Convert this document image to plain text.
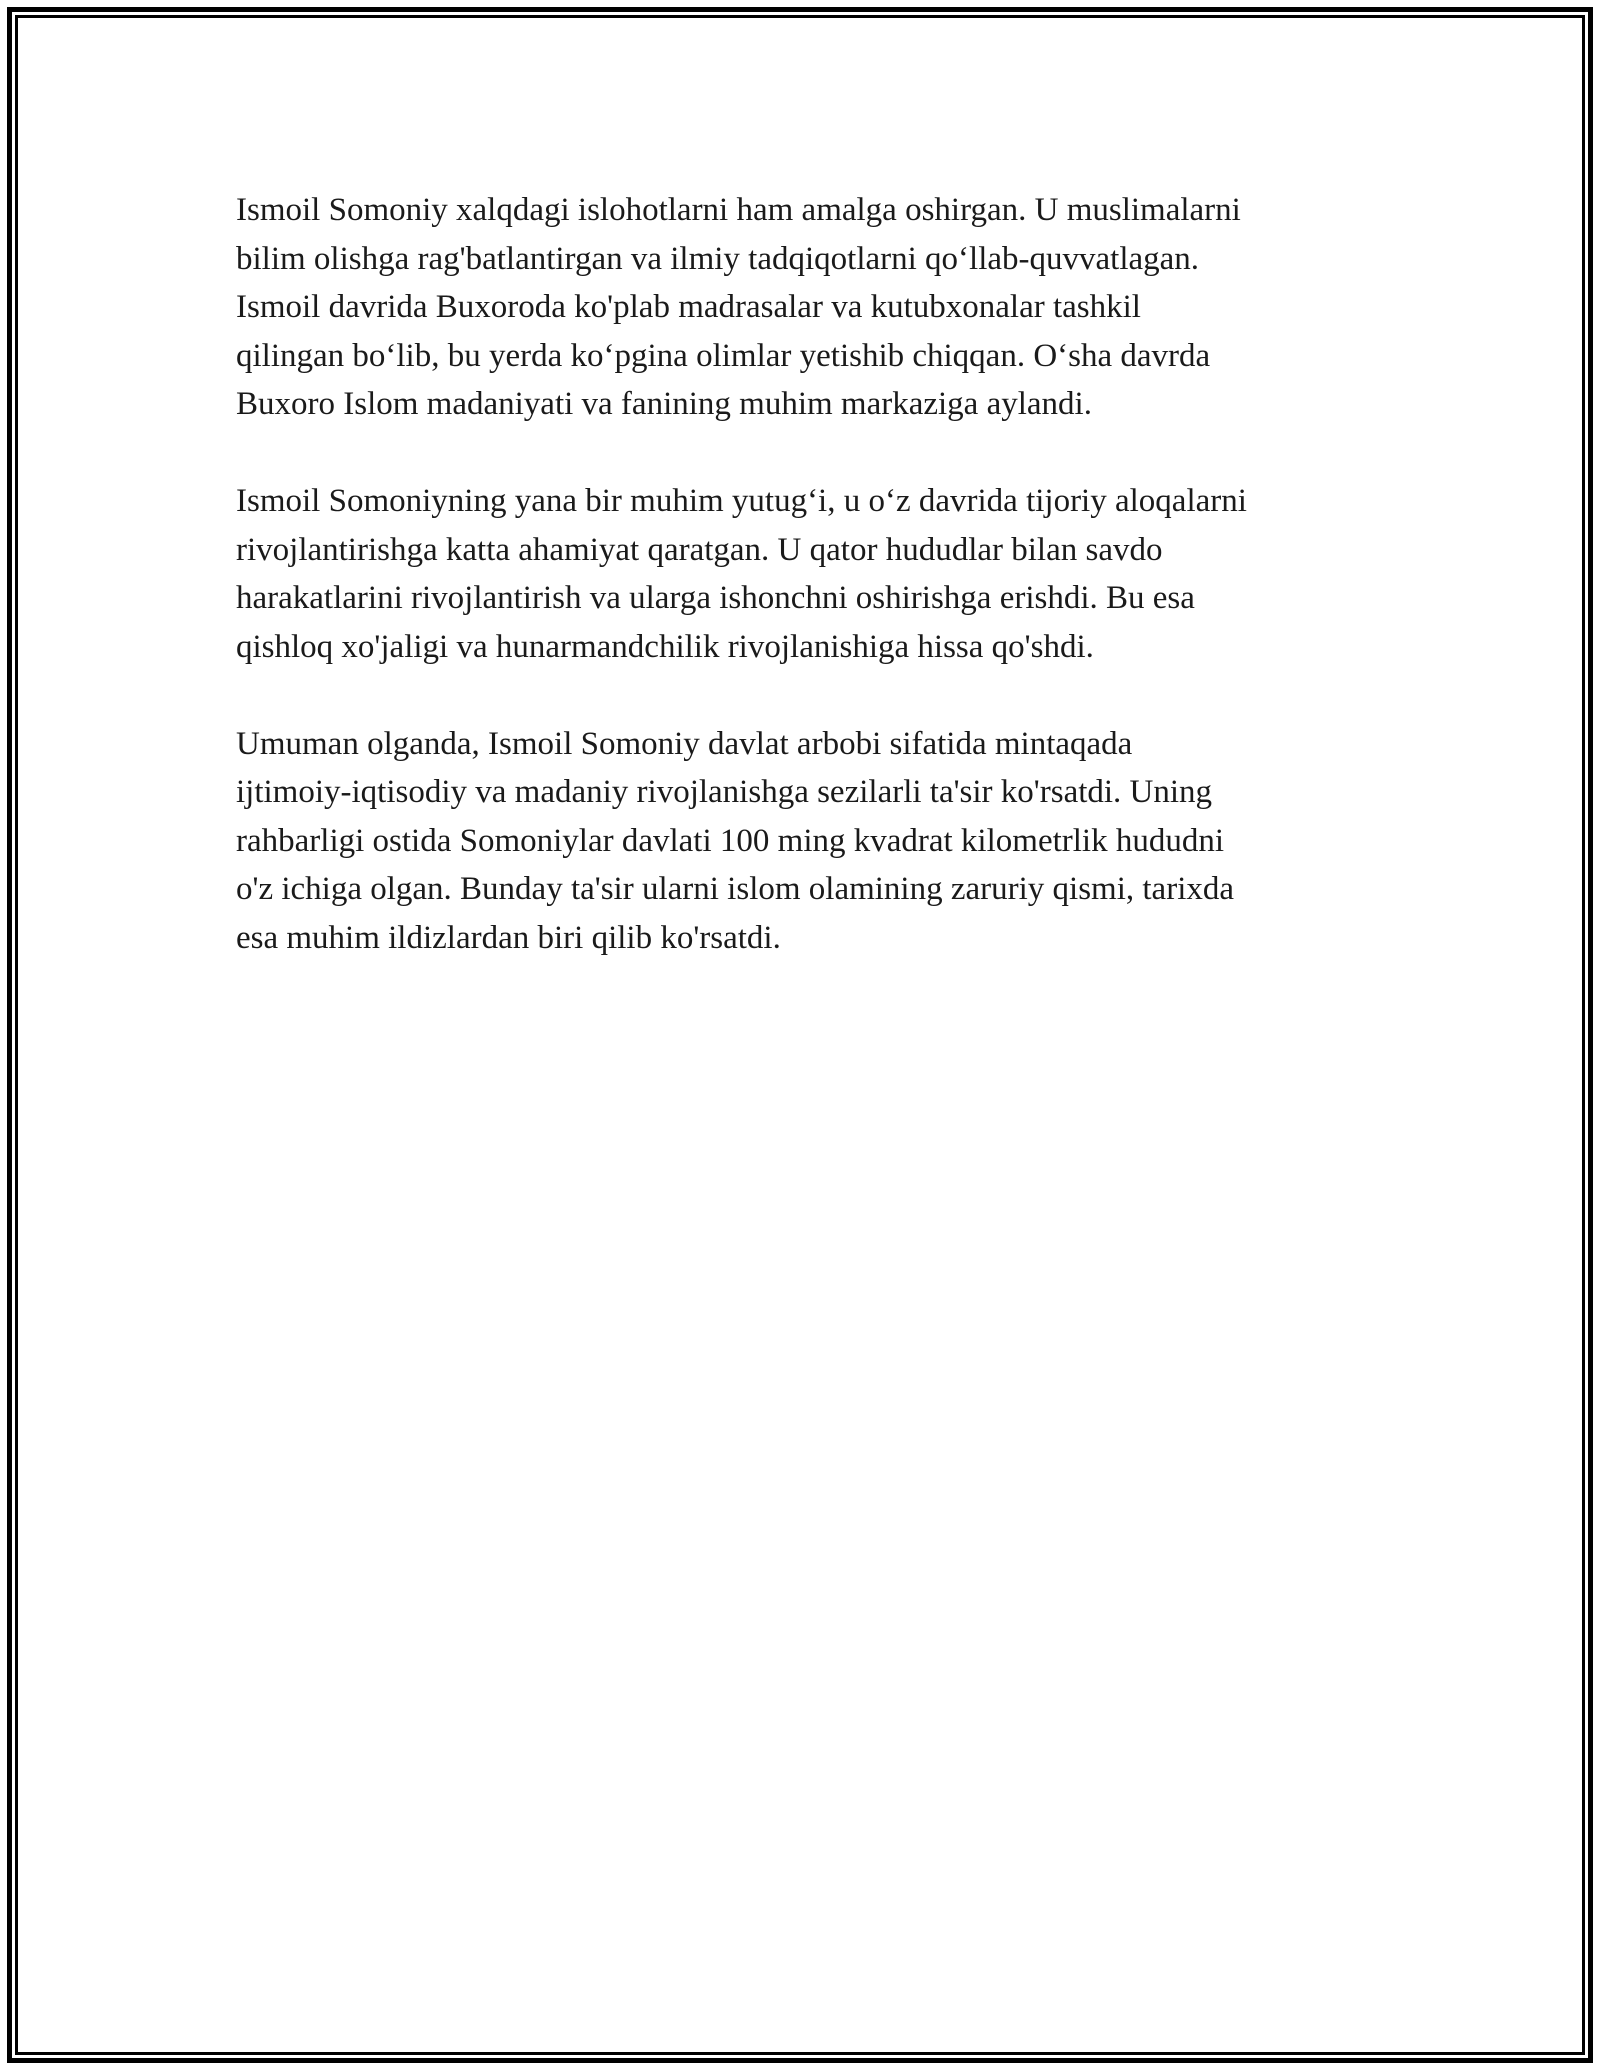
Ismoil Somoniy xalqdagi islohotlarni ham amalga oshirgan. U muslimalarni
bilim olishga rag'batlantirgan va ilmiy tadqiqotlarni qo‘llab-quvvatlagan.
Ismoil davrida Buxoroda ko'plab madrasalar va kutubxonalar tashkil
qilingan bo‘lib, bu yerda ko‘pgina olimlar yetishib chiqqan. O‘sha davrda
Buxoro Islom madaniyati va fanining muhim markaziga aylandi.

Ismoil Somoniyning yana bir muhim yutug‘i, u o‘z davrida tijoriy aloqalarni
rivojlantirishga katta ahamiyat qaratgan. U qator hududlar bilan savdo
harakatlarini rivojlantirish va ularga ishonchni oshirishga erishdi. Bu esa
qishloq xo'jaligi va hunarmandchilik rivojlanishiga hissa qo'shdi.

Umuman olganda, Ismoil Somoniy davlat arbobi sifatida mintaqada
ijtimoiy-iqtisodiy va madaniy rivojlanishga sezilarli ta'sir ko'rsatdi. Uning
rahbarligi ostida Somoniylar davlati 100 ming kvadrat kilometrlik hududni
o'z ichiga olgan. Bunday ta'sir ularni islom olamining zaruriy qismi, tarixda
esa muhim ildizlardan biri qilib ko'rsatdi.
